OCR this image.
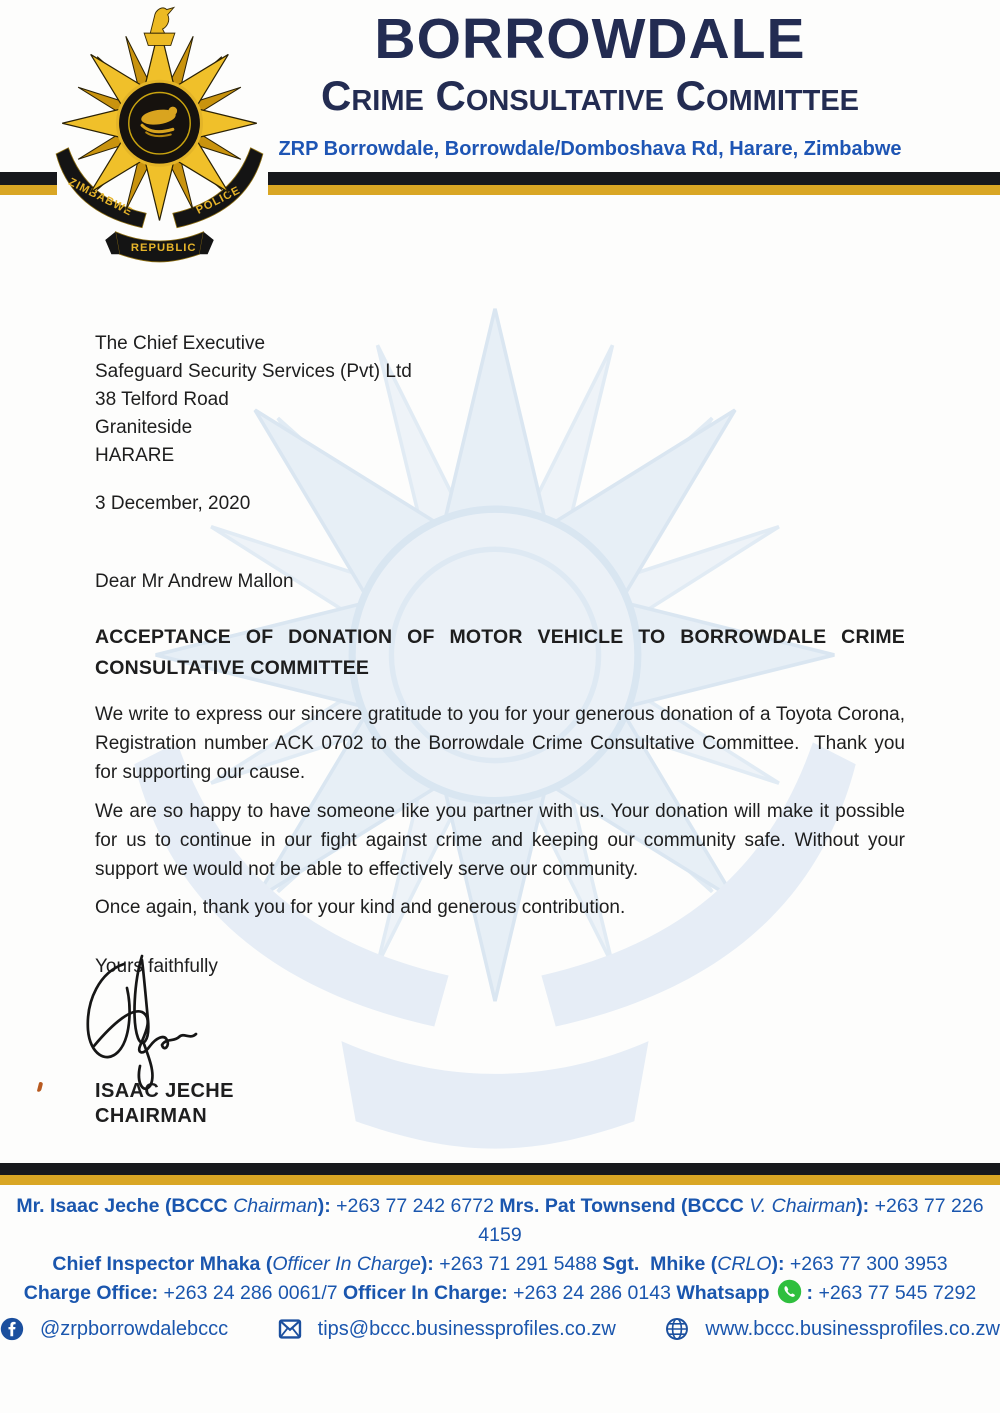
BORROWDALE
Crime Consultative Committee
ZRP Borrowdale, Borrowdale/Domboshava Rd, Harare, Zimbabwe
ZIMBABWE	POLICE
REPUBLIC
The Chief Executive
Safeguard Security Services (Pvt) Ltd
38 Telford Road
Graniteside
HARARE
3 December, 2020
Dear Mr Andrew Mallon
ACCEPTANCE OF DONATION OF MOTOR VEHICLE TO BORROWDALE CRIME
CONSULTATIVE COMMITTEE
We write to express our sincere gratitude to you for your generous donation of a Toyota Corona, Registration number ACK 0702 to the Borrowdale Crime Consultative Committee.  Thank you for supporting our cause.
We are so happy to have someone like you partner with us. Your donation will make it possible for us to continue in our fight against crime and keeping our community safe. Without your support we would not be able to effectively serve our community.
Once again, thank you for your kind and generous contribution.
Yours faithfully
ISAAC JECHE
CHAIRMAN
Mr. Isaac Jeche (BCCC Chairman): +263 77 242 6772 Mrs. Pat Townsend (BCCC V. Chairman): +263 77 226 4159
Chief Inspector Mhaka (Officer In Charge): +263 71 291 5488 Sgt.  Mhike (CRLO): +263 77 300 3953
Charge Office: +263 24 286 0061/7 Officer In Charge: +263 24 286 0143 Whatsapp : +263 77 545 7292
@zrpborrowdalebccc	tips@bccc.businessprofiles.co.zw	www.bccc.businessprofiles.co.zw
